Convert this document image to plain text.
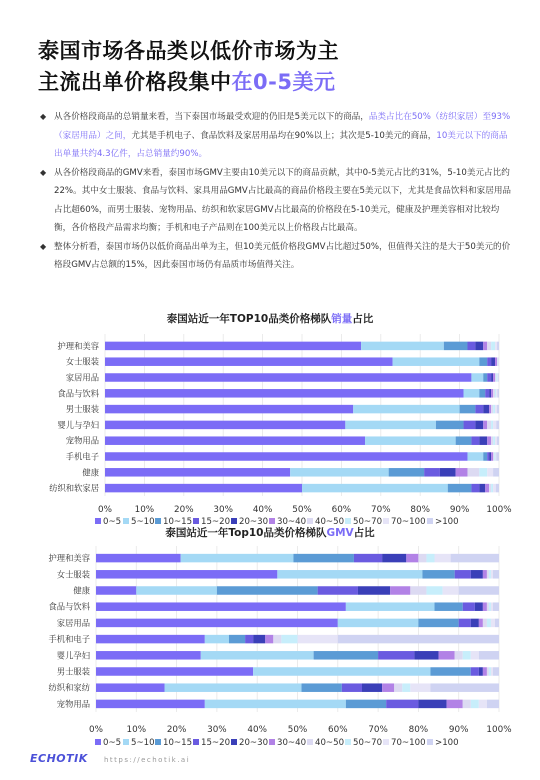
泰国市场各品类以低价市场为主
主流出单价格段集中在0-5美元
◆ 从各价格段商品的总销量来看，当下泰国市场最受欢迎的仍旧是5美元以下的商品，品类占比在50%（纺织家居）至93%（家居用品）之间，尤其是手机电子、食品饮料及家居用品均在90%以上；其次是5-10美元的商品，10美元以下的商品出单量共约4.3亿件，占总销量约90%。
◆ 从各价格段商品的GMV来看，泰国市场GMV主要由10美元以下的商品贡献，其中0-5美元占比约31%，5-10美元占比约22%。其中女士服装、食品与饮料、家具用品GMV占比最高的商品价格段主要在5美元以下，尤其是食品饮料和家居用品占比超60%，而男士服装、宠物用品、纺织和软家居GMV占比最高的价格段在5-10美元，健康及护理美容相对比较均衡，各价格段产品需求均衡；手机和电子产品则在100美元以上价格段占比最高。
◆ 整体分析看，泰国市场仍以低价商品出单为主，但10美元低价格段GMV占比超过50%，但值得关注的是大于50美元的价格段GMV占总额的15%，因此泰国市场仍有品质市场值得关注。
泰国站近一年TOP10品类价格梯队销量占比
0%	10% 20% 30% 40% 50% 60% 70% 80% 90% 100%
护理和美容
女士服装
家居用品
食品与饮料
男士服装
婴儿与孕妇
宠物用品
手机电子
健康
纺织和软家居
0~5 5~10 10~15 15~20 20~30 30~40 40~50 50~70 70~100 >100
泰国站近一年Top10品类价格梯队GMV占比
0%	10% 20% 30% 40% 50% 60% 70% 80% 90% 100%
护理和美容
女士服装
健康
食品与饮料
家居用品
手机和电子
婴儿孕妇
男士服装
纺织和家纺
宠物用品
0~5 5~10 10~15 15~20 20~30 30~40 40~50 50~70 70~100 >100
ECHOTIK https://echotik.ai
